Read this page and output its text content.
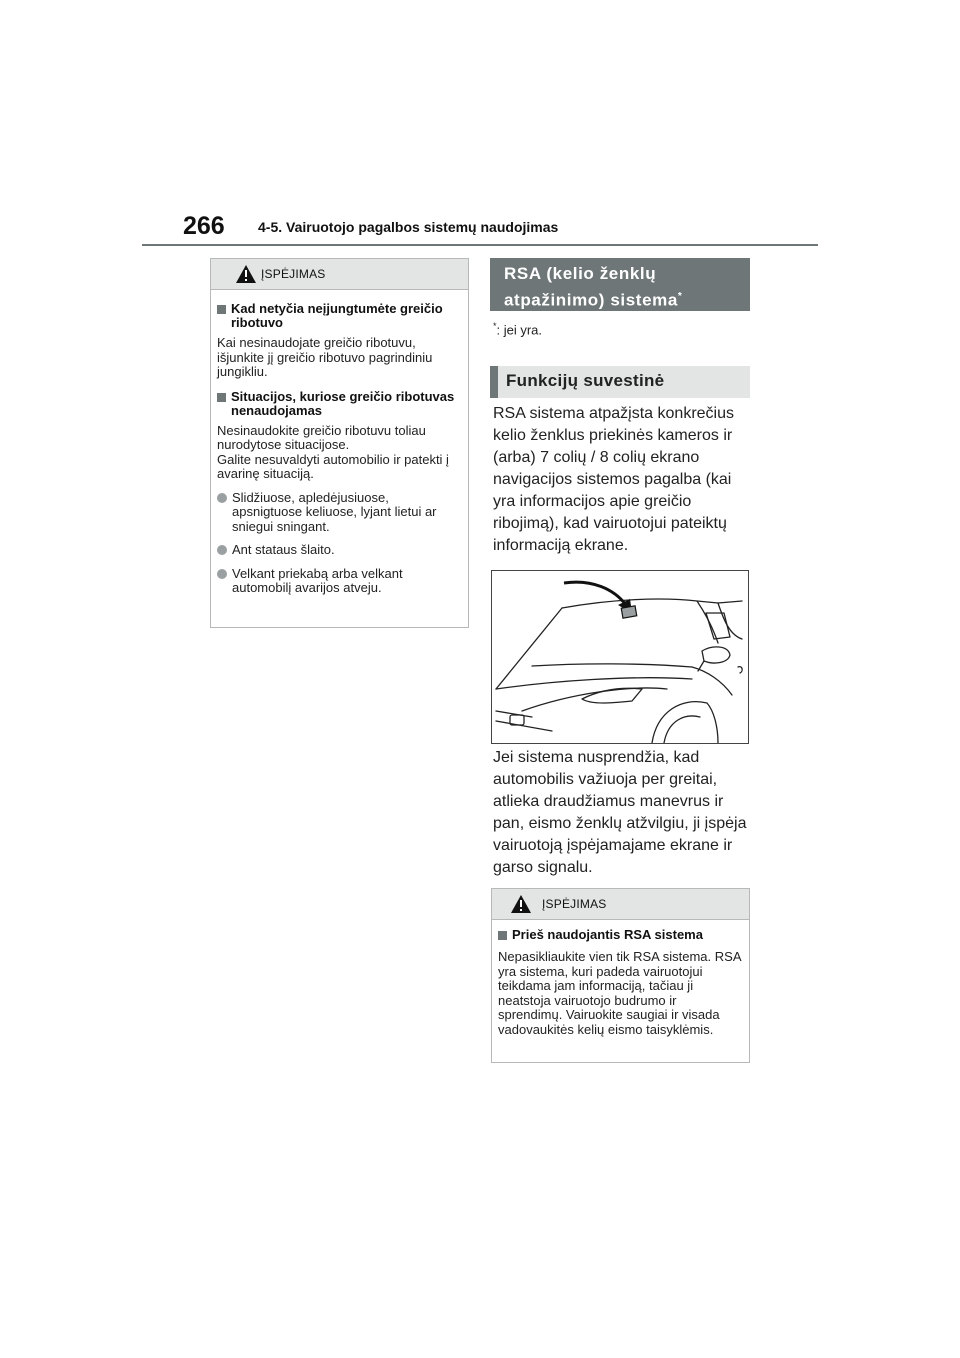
266 4-5. Vairuotojo pagalbos sistemų naudojimas
ĮSPĖJIMAS
Kad netyčia neįjungtumėte greičio ribotuvo

Kai nesinaudojate greičio ribotuvu, išjunkite jį greičio ribotuvo pagrindiniu jungikliu.

Situacijos, kuriose greičio ribotuvas nenaudojamas

Nesinaudokite greičio ribotuvu toliau nurodytose situacijose.

Galite nesuvaldyti automobilio ir patekti į avarinę situaciją.

Slidžiuose, apledėjusiuose, apsnigtuose keliuose, lyjant lietui ar sniegui sningant.
Ant stataus šlaito.
Velkant priekabą arba velkant automobilį avarijos atveju.
RSA (kelio ženklų
atpažinimo) sistema*
*: jei yra.
Funkcijų suvestinė
RSA sistema atpažįsta konkrečius kelio ženklus priekinės kameros ir (arba) 7 colių / 8 colių ekrano navigacijos sistemos pagalba (kai yra informacijos apie greičio ribojimą), kad vairuotojui pateiktų informaciją ekrane.
Jei sistema nusprendžia, kad automobilis važiuoja per greitai, atlieka draudžiamus manevrus ir pan, eismo ženklų atžvilgiu, ji įspėja vairuotoją įspėjamajame ekrane ir garso signalu.
ĮSPĖJIMAS
Prieš naudojantis RSA sistema

Nepasikliaukite vien tik RSA sistema. RSA yra sistema, kuri padeda vairuotojui teikdama jam informaciją, tačiau ji neatstoja vairuotojo budrumo ir sprendimų. Vairuokite saugiai ir visada vadovaukitės kelių eismo taisyklėmis.
